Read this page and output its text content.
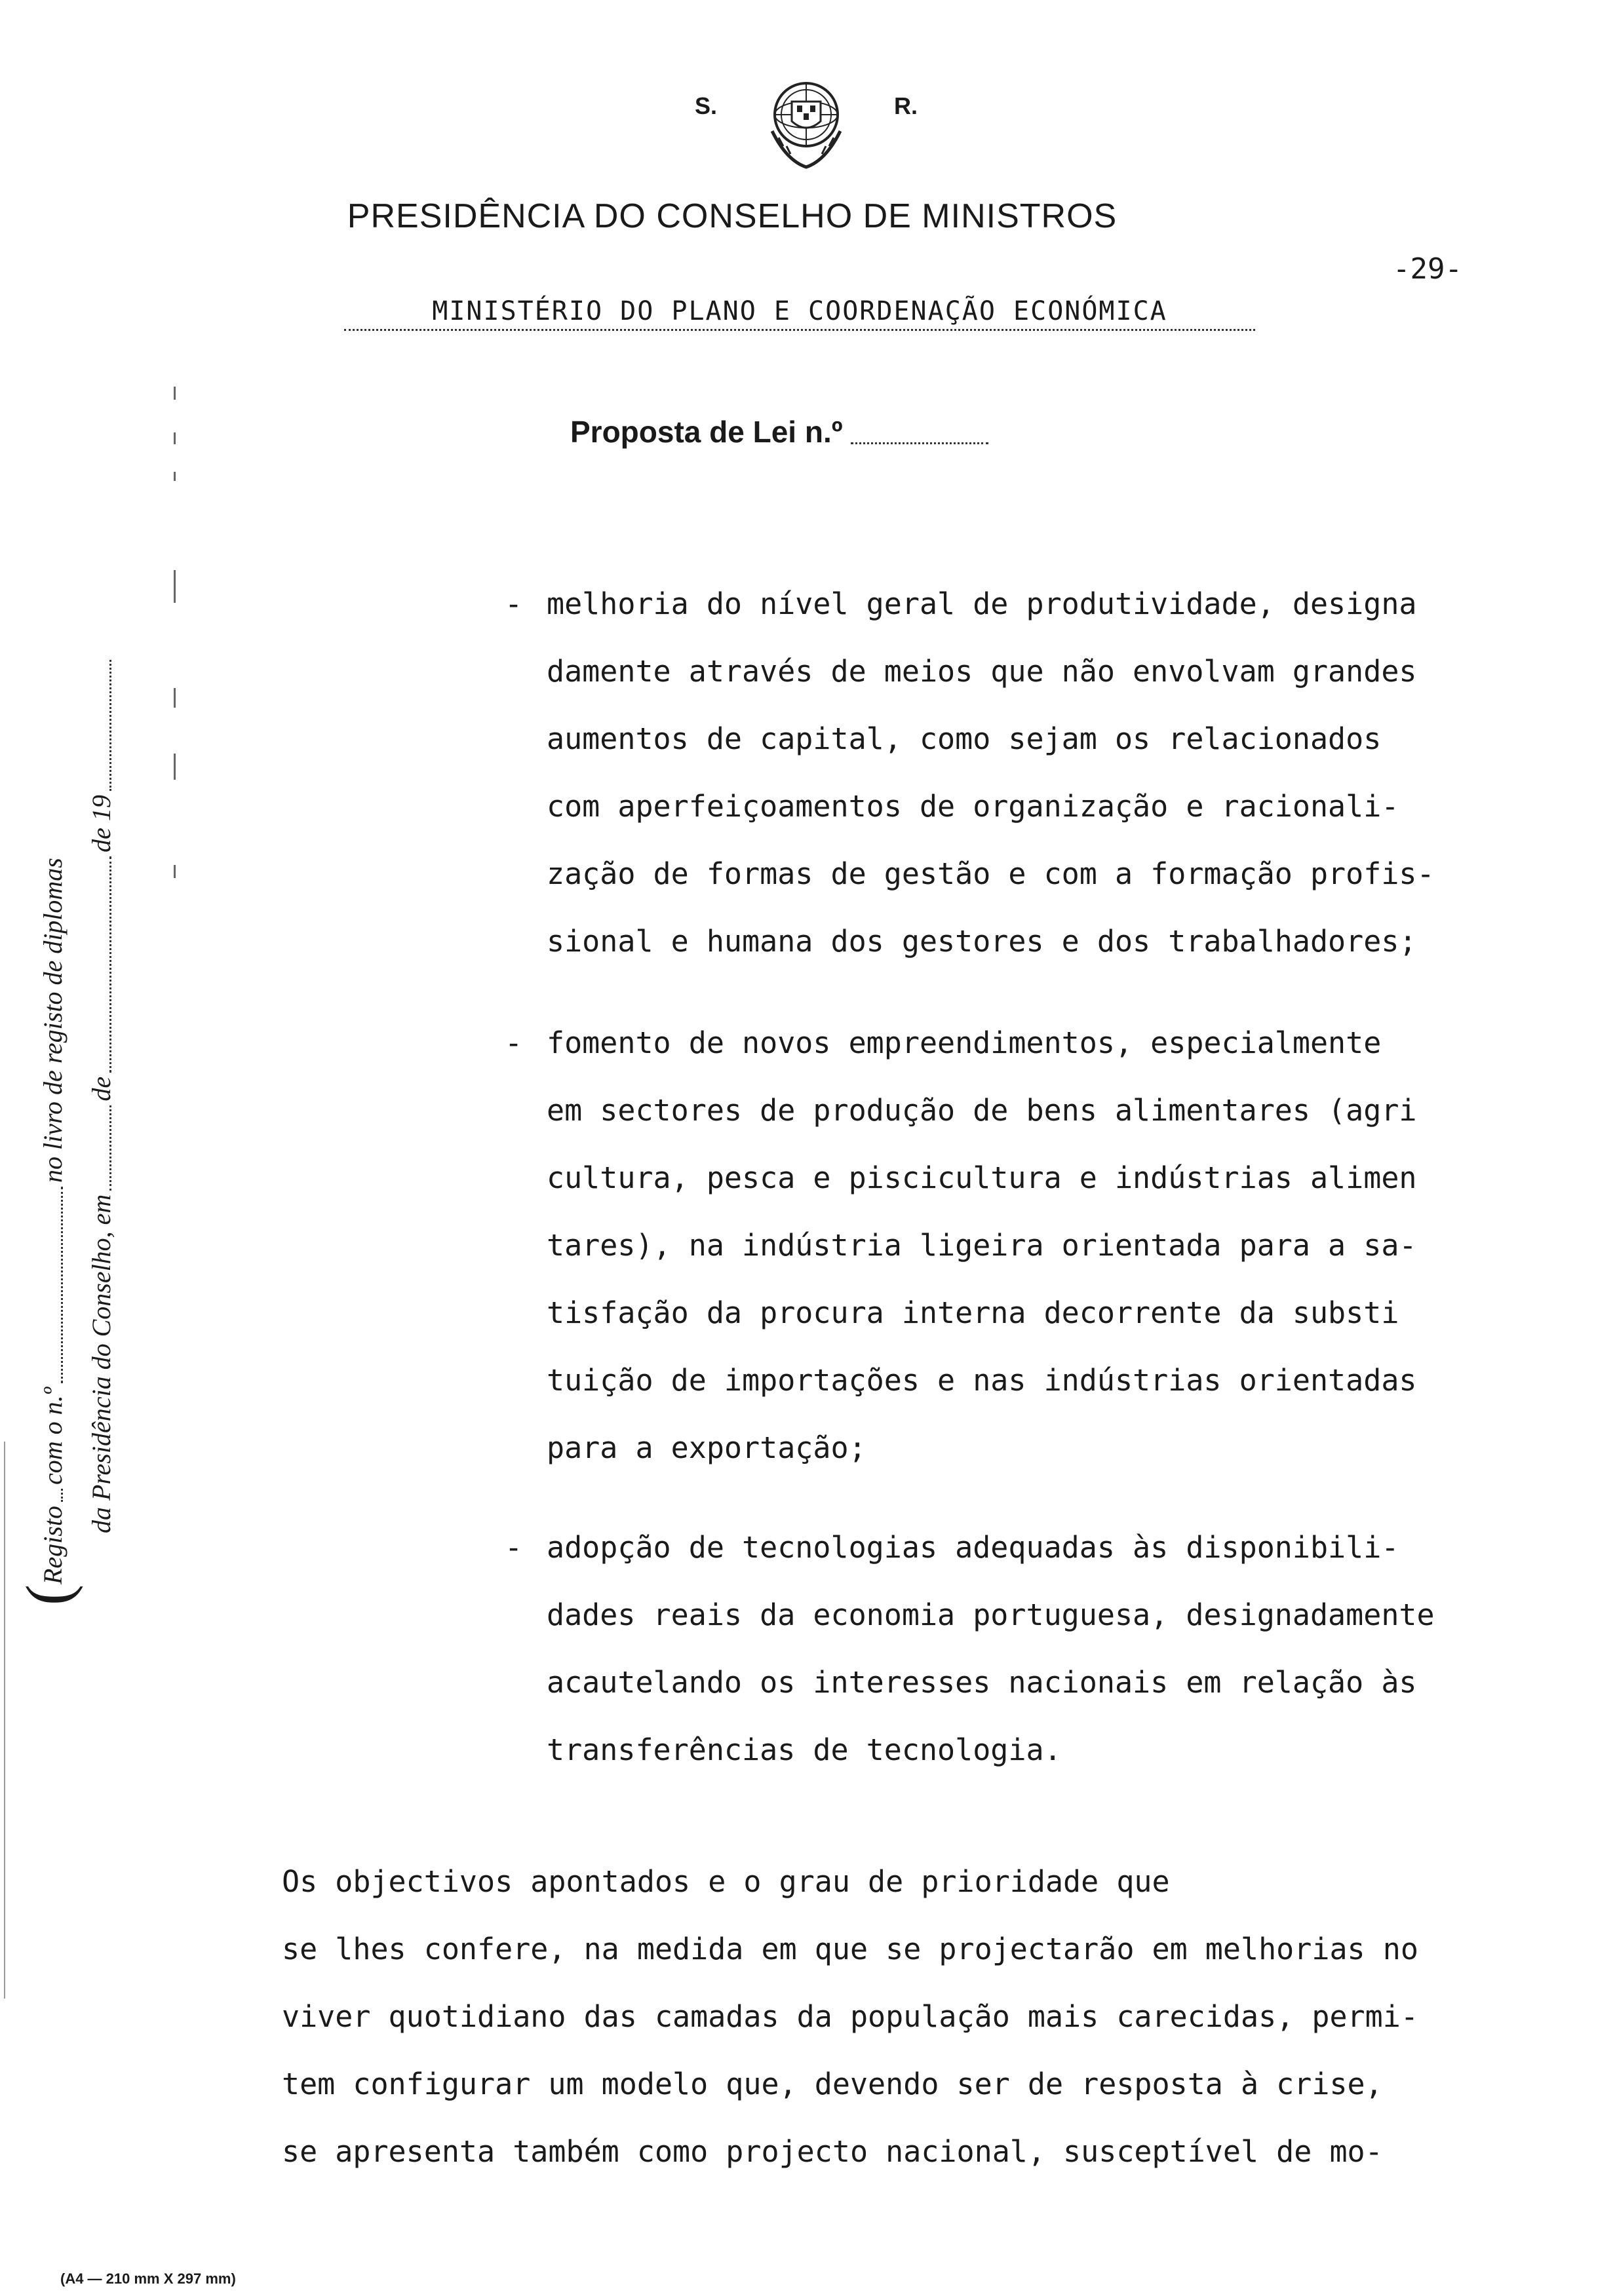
S.	R.
PRESIDÊNCIA DO CONSELHO DE MINISTROS
-29-
MINISTÉRIO DO PLANO E COORDENAÇÃO ECONÓMICA
Proposta de Lei n.º
(
Registo
com o n.º
no livro de registo de diplomas
da Presidência do Conselho, em
de
de 19
- melhoria do nível geral de produtividade, designa
damente através de meios que não envolvam grandes
aumentos de capital, como sejam os relacionados
com aperfeiçoamentos de organização e racionali-
zação de formas de gestão e com a formação profis-
sional e humana dos gestores e dos trabalhadores;
- fomento de novos empreendimentos, especialmente
em sectores de produção de bens alimentares (agri
cultura, pesca e piscicultura e indústrias alimen
tares), na indústria ligeira orientada para a sa-
tisfação da procura interna decorrente da substi
tuição de importações e nas indústrias orientadas
para a exportação;
- adopção de tecnologias adequadas às disponibili-
dades reais da economia portuguesa, designadamente
acautelando os interesses nacionais em relação às
transferências de tecnologia.
Os objectivos apontados e o grau de prioridade que
se lhes confere, na medida em que se projectarão em melhorias no
viver quotidiano das camadas da população mais carecidas, permi-
tem configurar um modelo que, devendo ser de resposta à crise,
se apresenta também como projecto nacional, susceptível de mo-
(A4 — 210 mm X 297 mm)
